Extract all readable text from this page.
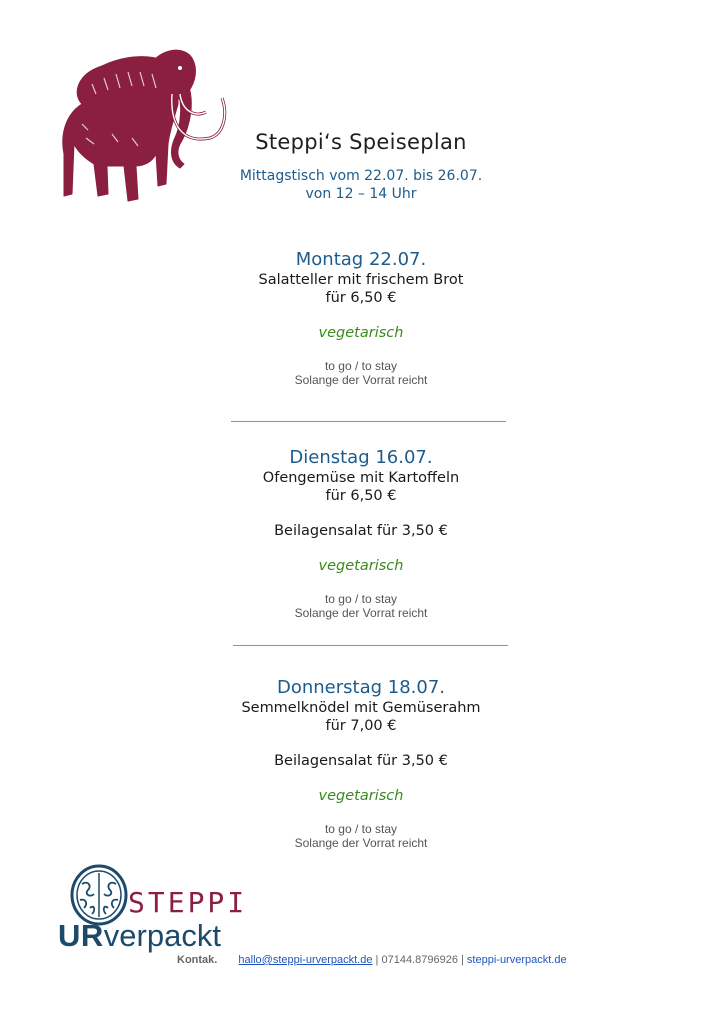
Steppi‘s Speiseplan
Mittagstisch vom 22.07. bis 26.07.
von 12 – 14 Uhr
Montag 22.07.
Salatteller mit frischem Brot
für 6,50 €
vegetarisch
to go / to stay
Solange der Vorrat reicht
Dienstag 16.07.
Ofengemüse mit Kartoffeln
für 6,50 €
Beilagensalat für 3,50 €
vegetarisch
to go / to stay
Solange der Vorrat reicht
Donnerstag 18.07.
Semmelknödel mit Gemüserahm
für 7,00 €
Beilagensalat für 3,50 €
vegetarisch
to go / to stay
Solange der Vorrat reicht
STEPPI
URverpackt
Kontak. hallo@steppi-urverpackt.de | 07144.8796926 | steppi-urverpackt.de
